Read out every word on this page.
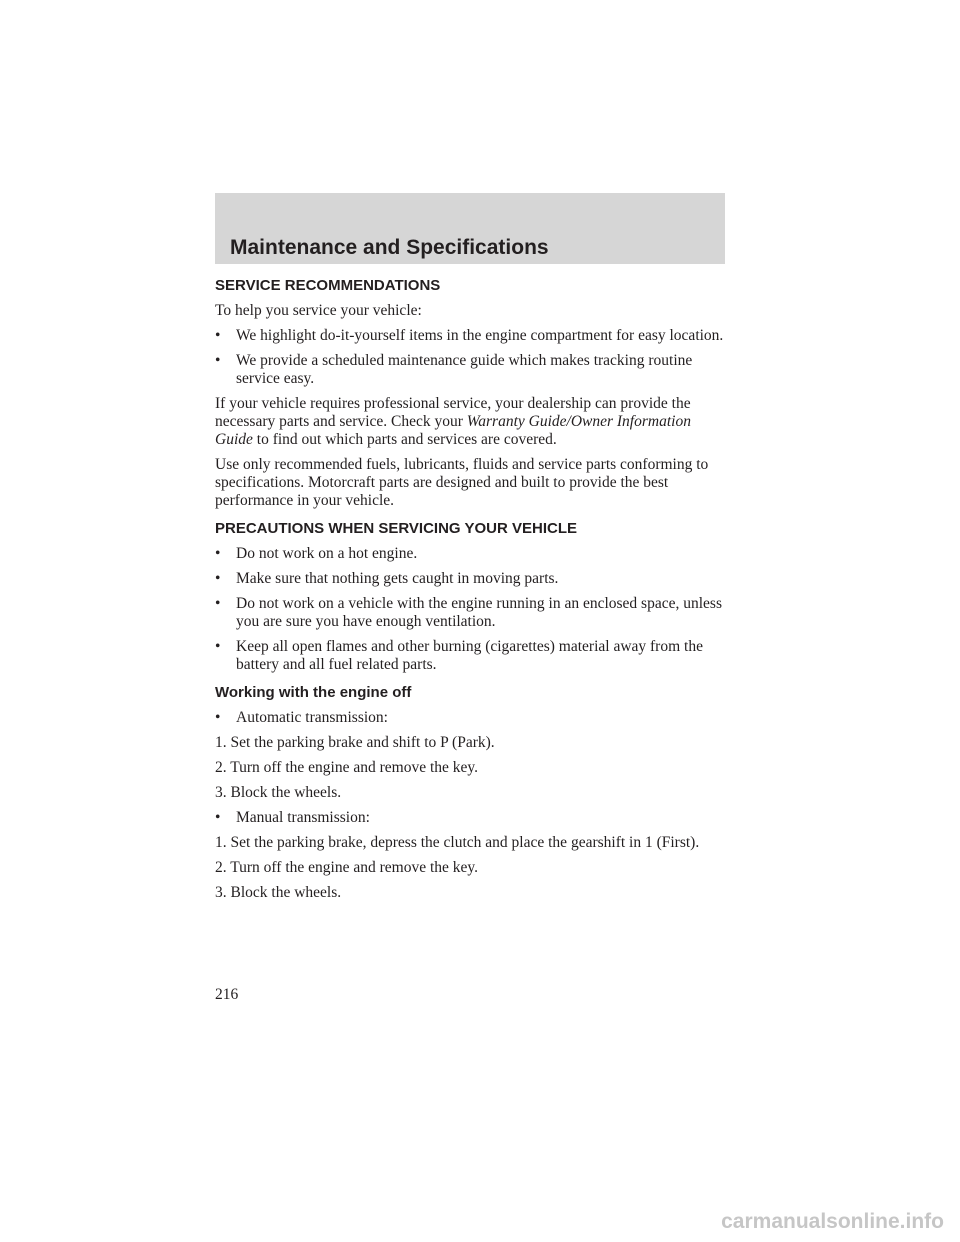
Maintenance and Specifications
SERVICE RECOMMENDATIONS
To help you service your vehicle:
•	We highlight do-it-yourself items in the engine compartment for easy location.
•	We provide a scheduled maintenance guide which makes tracking routine service easy.
If your vehicle requires professional service, your dealership can provide the necessary parts and service. Check your Warranty Guide/Owner Information Guide to find out which parts and services are covered.
Use only recommended fuels, lubricants, fluids and service parts conforming to specifications. Motorcraft parts are designed and built to provide the best performance in your vehicle.
PRECAUTIONS WHEN SERVICING YOUR VEHICLE
•	Do not work on a hot engine.
•	Make sure that nothing gets caught in moving parts.
•	Do not work on a vehicle with the engine running in an enclosed space, unless you are sure you have enough ventilation.
•	Keep all open flames and other burning (cigarettes) material away from the battery and all fuel related parts.
Working with the engine off
•	Automatic transmission:
1. Set the parking brake and shift to P (Park).
2. Turn off the engine and remove the key.
3. Block the wheels.
•	Manual transmission:
1. Set the parking brake, depress the clutch and place the gearshift in 1 (First).
2. Turn off the engine and remove the key.
3. Block the wheels.
216
carmanualsonline.info
